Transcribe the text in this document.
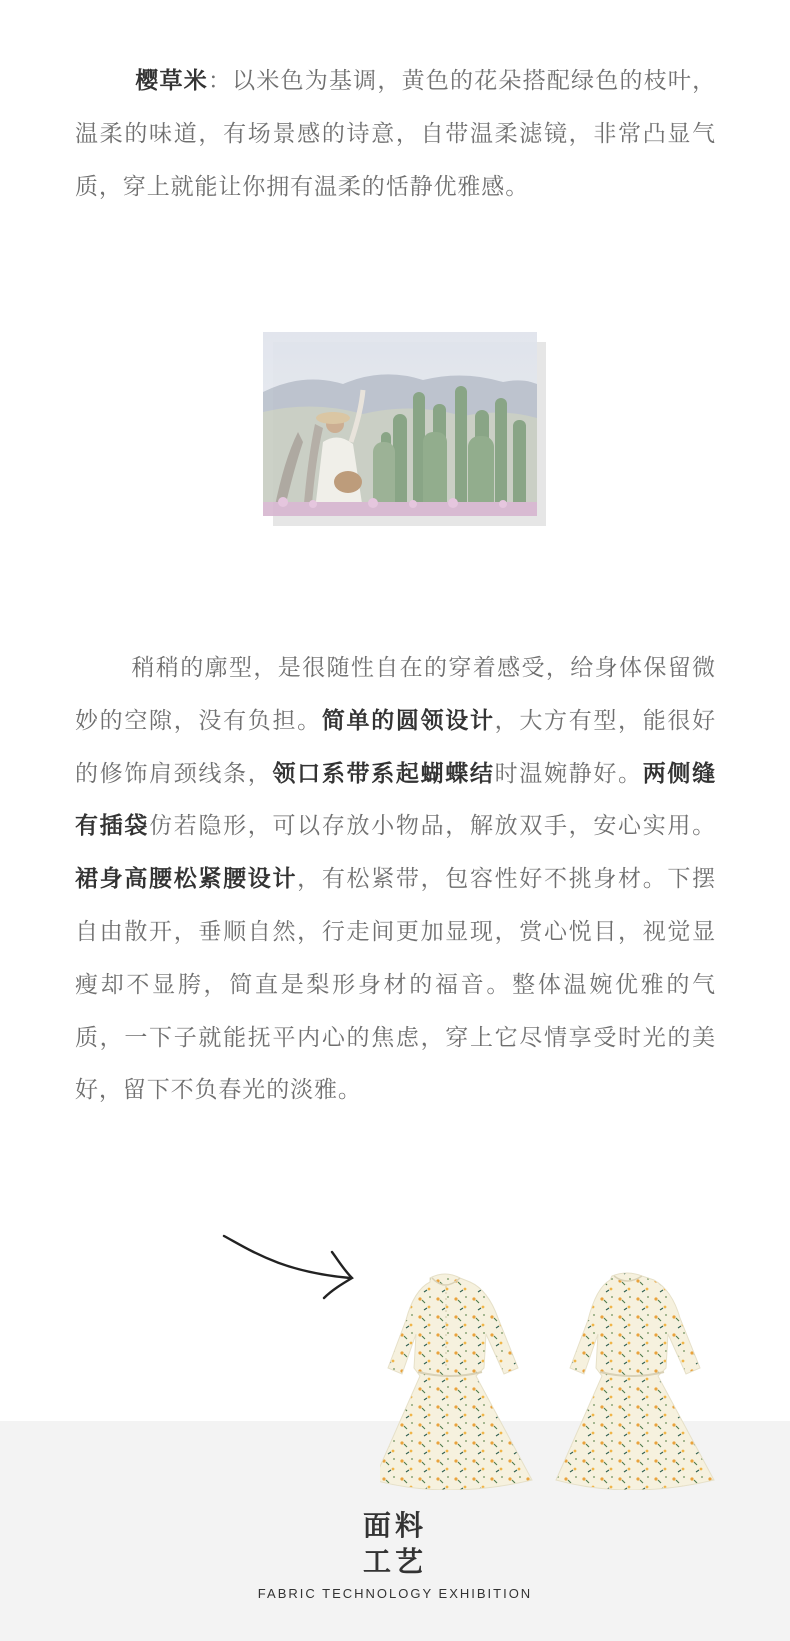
樱草米：以米色为基调，黄色的花朵搭配绿色的枝叶，温柔的味道，有场景感的诗意，自带温柔滤镜，非常凸显气质，穿上就能让你拥有温柔的恬静优雅感。

稍稍的廓型，是很随性自在的穿着感受，给身体保留微妙的空隙，没有负担。简单的圆领设计，大方有型，能很好的修饰肩颈线条，领口系带系起蝴蝶结时温婉静好。两侧缝有插袋仿若隐形，可以存放小物品，解放双手，安心实用。裙身高腰松紧腰设计，有松紧带，包容性好不挑身材。下摆自由散开，垂顺自然，行走间更加显现，赏心悦目，视觉显瘦却不显胯，简直是梨形身材的福音。整体温婉优雅的气质，一下子就能抚平内心的焦虑，穿上它尽情享受时光的美好，留下不负春光的淡雅。

面料
工艺
FABRIC TECHNOLOGY EXHIBITION
